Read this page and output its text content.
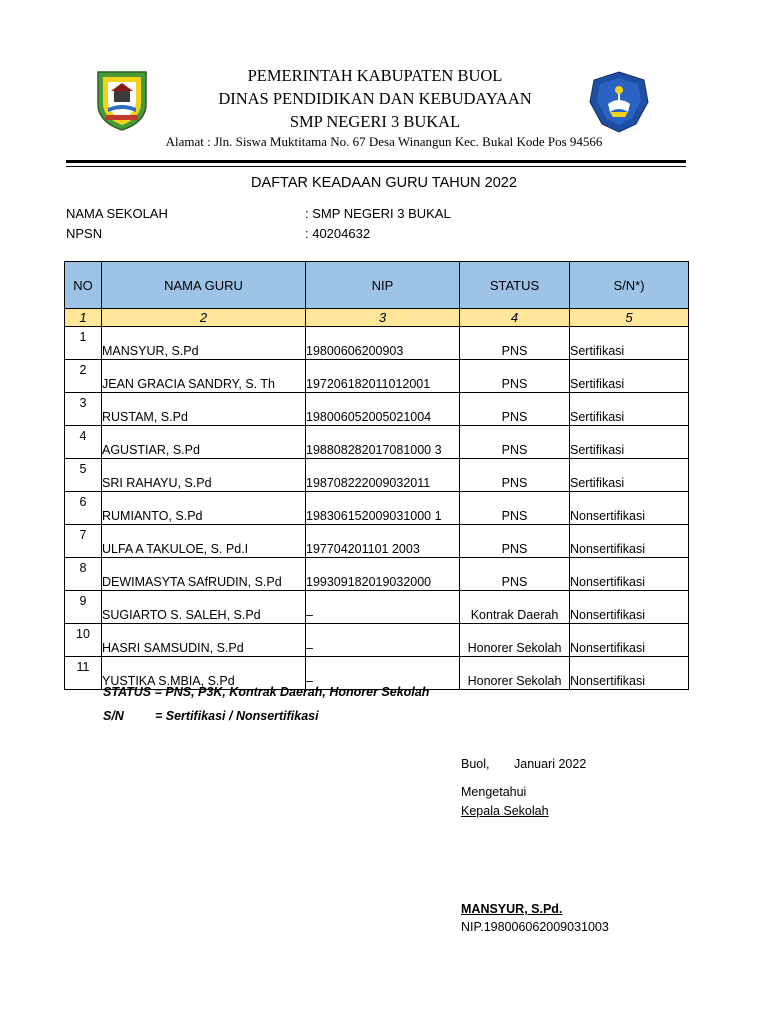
PEMERINTAH KABUPATEN BUOL
DINAS PENDIDIKAN DAN KEBUDAYAAN
SMP NEGERI 3 BUKAL
Alamat : Jln. Siswa Muktitama No. 67 Desa Winangun Kec. Bukal Kode Pos 94566
DAFTAR KEADAAN GURU TAHUN 2022
NAMA SEKOLAH	: SMP NEGERI 3 BUKAL
NPSN	: 40204632
NO	NAMA GURU	NIP	STATUS	S/N*)
1	2	3	4	5
1	MANSYUR, S.Pd	19800606200903	PNS	Sertifikasi
2	JEAN GRACIA SANDRY, S. Th	197206182011012001	PNS	Sertifikasi
3	RUSTAM, S.Pd	198006052005021004	PNS	Sertifikasi
4	AGUSTIAR, S.Pd	198808282017081000 3	PNS	Sertifikasi
5	SRI RAHAYU, S.Pd	198708222009032011	PNS	Sertifikasi
6	RUMIANTO, S.Pd	198306152009031000 1	PNS	Nonsertifikasi
7	ULFA A TAKULOE, S. Pd.I	197704201101 2003	PNS	Nonsertifikasi
8	DEWIMASYTA SAfRUDIN, S.Pd	199309182019032000	PNS	Nonsertifikasi
9	SUGIARTO S. SALEH, S.Pd	–	Kontrak Daerah	Nonsertifikasi
10	HASRI SAMSUDIN, S.Pd	–	Honorer Sekolah	Nonsertifikasi
11	YUSTIKA S.MBIA, S.Pd	–	Honorer Sekolah	Nonsertifikasi
STATUS = PNS, P3K, Kontrak Daerah, Honorer Sekolah
S/N = Sertifikasi / Nonsertifikasi
Buol, Januari 2022
Mengetahui
Kepala Sekolah
MANSYUR, S.Pd.
NIP.198006062009031003
